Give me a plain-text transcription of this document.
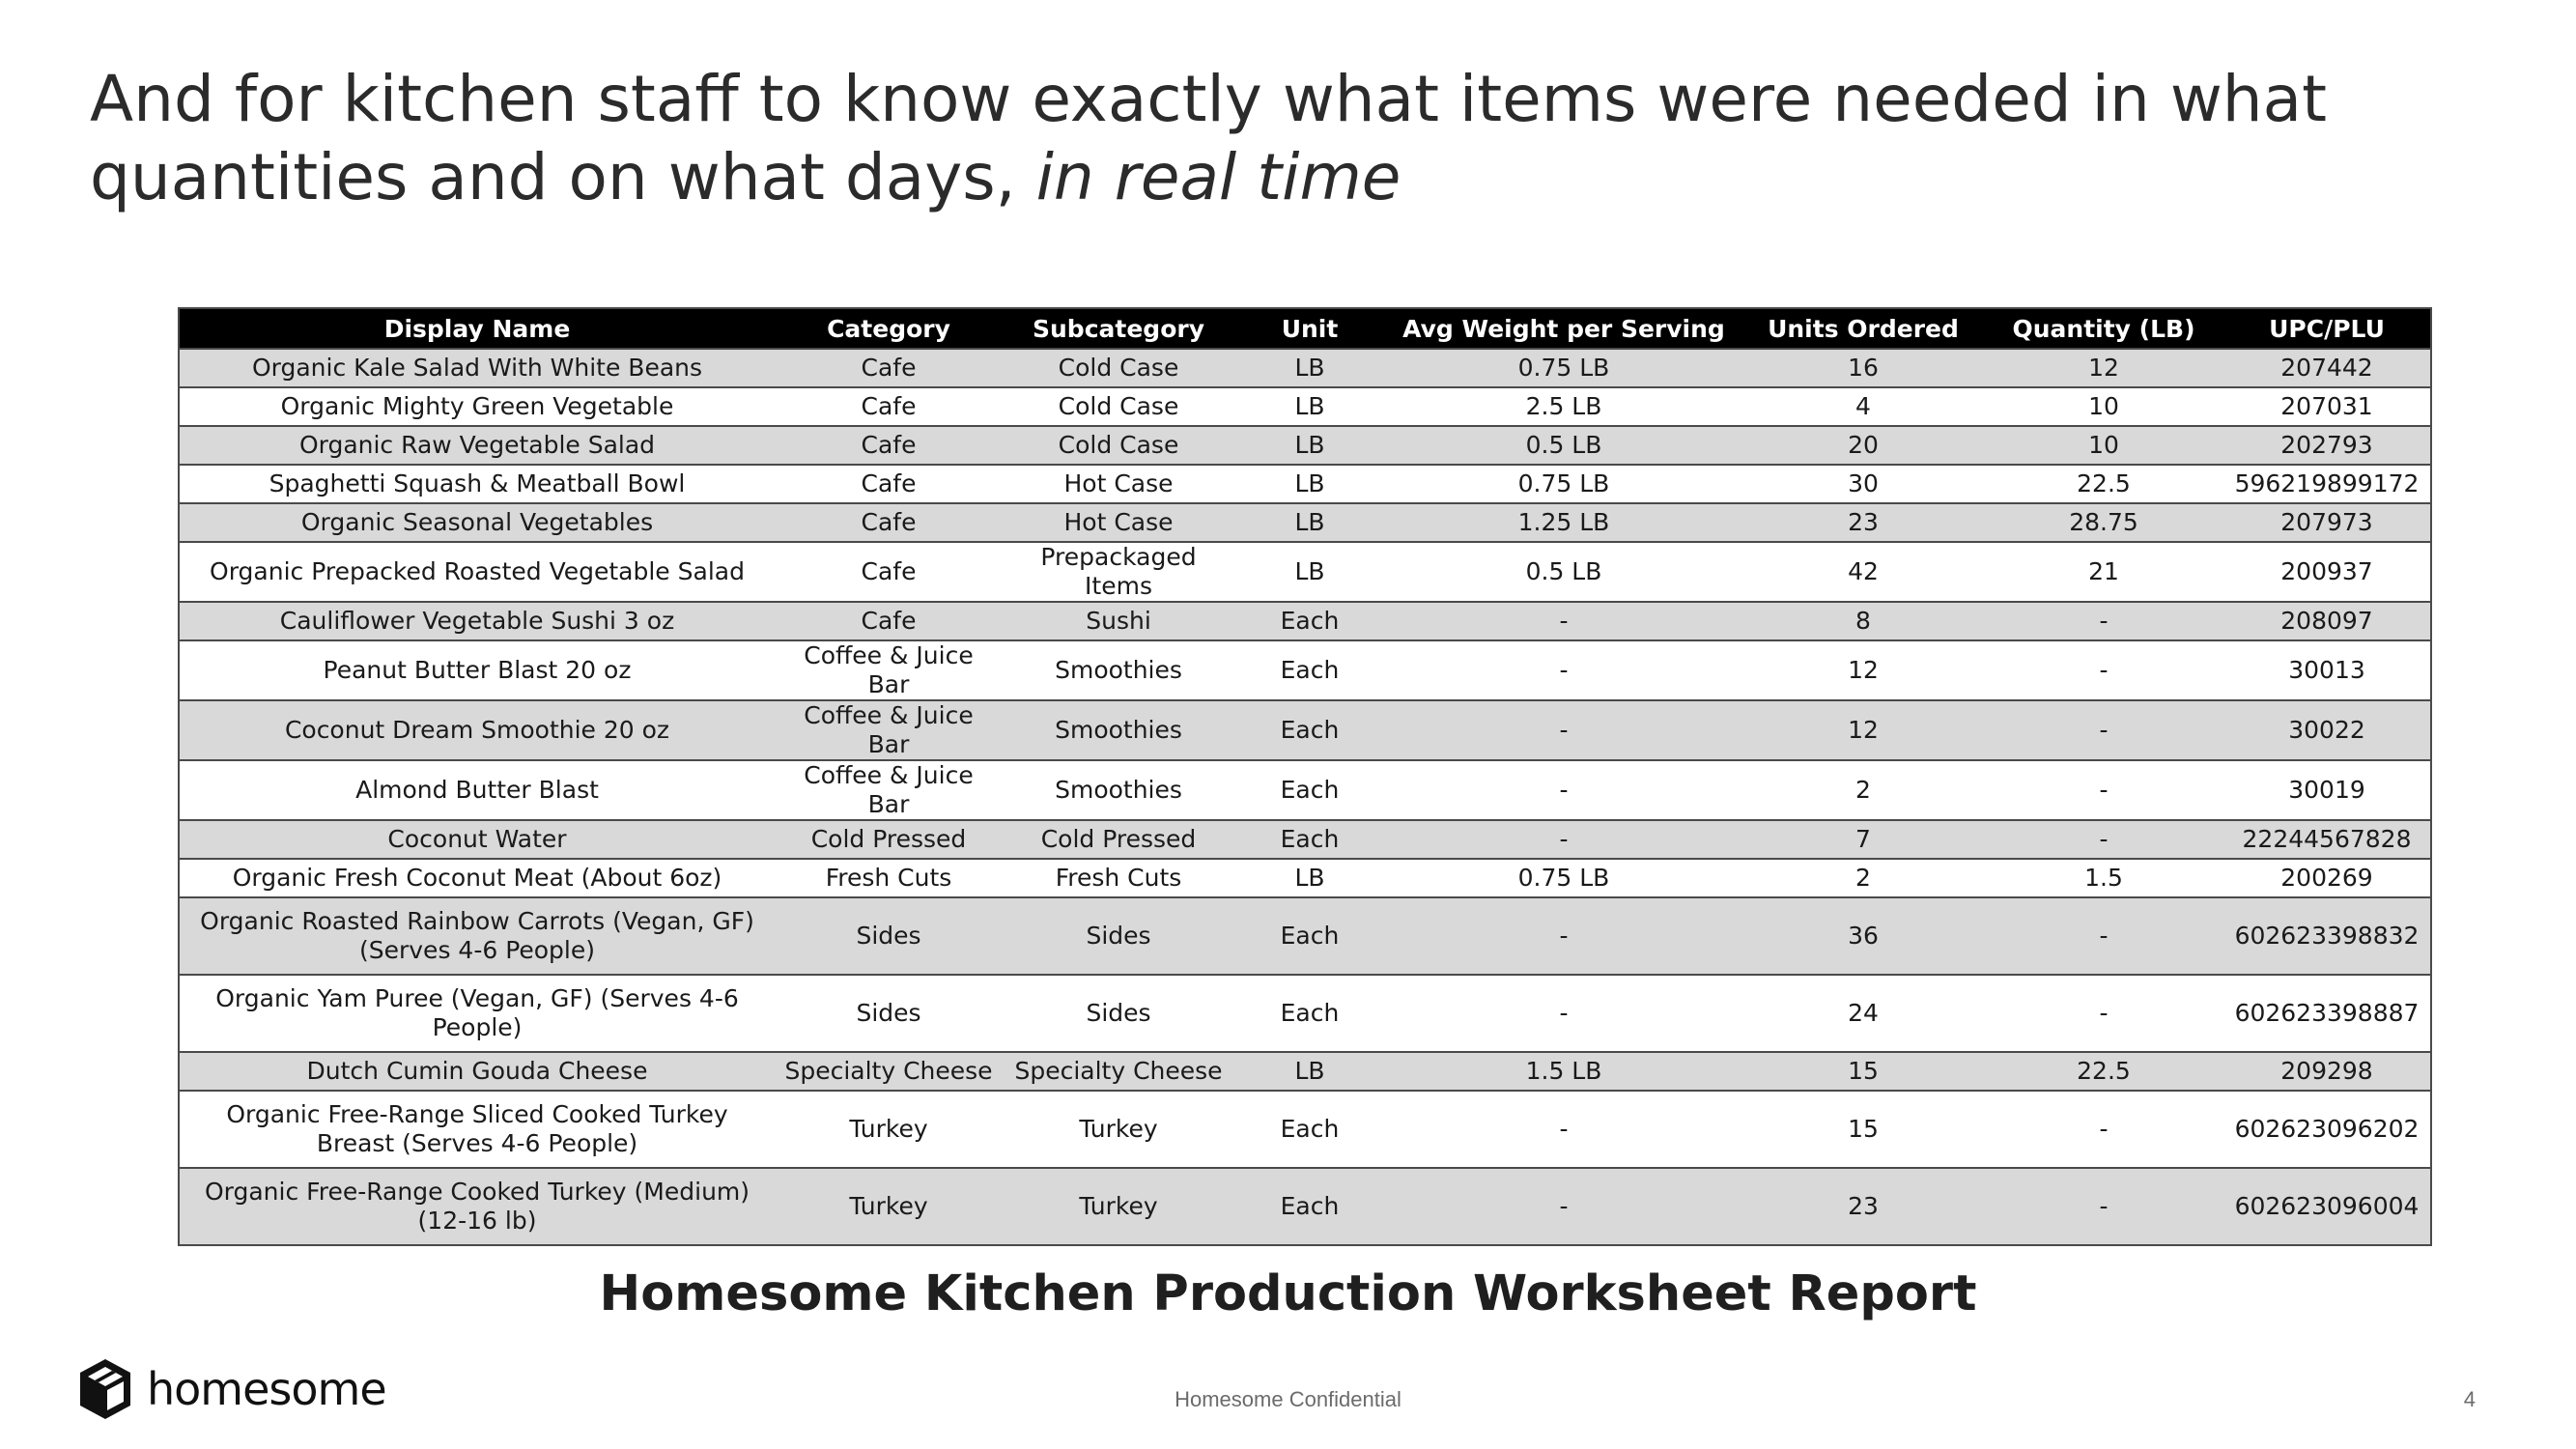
And for kitchen staff to know exactly what items were needed in what quantities and on what days, in real time
Display Name	Category	Subcategory	Unit	Avg Weight per Serving	Units Ordered	Quantity (LB)	UPC/PLU
Organic Kale Salad With White Beans	Cafe	Cold Case	LB	0.75 LB	16	12	207442
Organic Mighty Green Vegetable	Cafe	Cold Case	LB	2.5 LB	4	10	207031
Organic Raw Vegetable Salad	Cafe	Cold Case	LB	0.5 LB	20	10	202793
Spaghetti Squash & Meatball Bowl	Cafe	Hot Case	LB	0.75 LB	30	22.5	596219899172
Organic Seasonal Vegetables	Cafe	Hot Case	LB	1.25 LB	23	28.75	207973
Organic Prepacked Roasted Vegetable Salad	Cafe	Prepackaged Items	LB	0.5 LB	42	21	200937
Cauliflower Vegetable Sushi 3 oz	Cafe	Sushi	Each	-	8	-	208097
Peanut Butter Blast 20 oz	Coffee & Juice Bar	Smoothies	Each	-	12	-	30013
Coconut Dream Smoothie 20 oz	Coffee & Juice Bar	Smoothies	Each	-	12	-	30022
Almond Butter Blast	Coffee & Juice Bar	Smoothies	Each	-	2	-	30019
Coconut Water	Cold Pressed	Cold Pressed	Each	-	7	-	22244567828
Organic Fresh Coconut Meat (About 6oz)	Fresh Cuts	Fresh Cuts	LB	0.75 LB	2	1.5	200269
Organic Roasted Rainbow Carrots (Vegan, GF) (Serves 4-6 People)	Sides	Sides	Each	-	36	-	602623398832
Organic Yam Puree (Vegan, GF) (Serves 4-6 People)	Sides	Sides	Each	-	24	-	602623398887
Dutch Cumin Gouda Cheese	Specialty Cheese	Specialty Cheese	LB	1.5 LB	15	22.5	209298
Organic Free-Range Sliced Cooked Turkey Breast (Serves 4-6 People)	Turkey	Turkey	Each	-	15	-	602623096202
Organic Free-Range Cooked Turkey (Medium) (12-16 lb)	Turkey	Turkey	Each	-	23	-	602623096004
Homesome Kitchen Production Worksheet Report
homesome	Homesome Confidential	4
